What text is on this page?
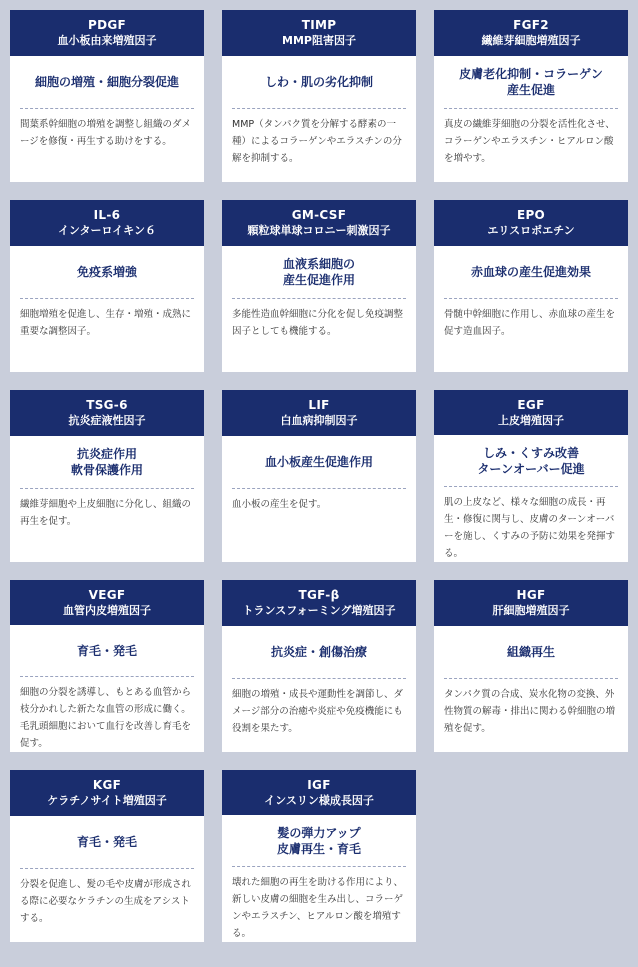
PDGF
血小板由来増殖因子
細胞の増殖・細胞分裂促進
間葉系幹細胞の増殖を調整し組織のダメージを修復・再生する助けをする。
TIMP
MMP阻害因子
しわ・肌の劣化抑制
MMP（タンパク質を分解する酵素の一種）によるコラーゲンやエラスチンの分解を抑制する。
FGF2
繊維芽細胞増殖因子
皮膚老化抑制・コラーゲン
産生促進
真皮の繊維芽細胞の分裂を活性化させ、コラーゲンやエラスチン・ヒアルロン酸を増やす。
IL-6
インターロイキン６
免疫系増強
細胞増殖を促進し、生存・増殖・成熟に重要な調整因子。
GM-CSF
顆粒球単球コロニー刺激因子
血液系細胞の
産生促進作用
多能性造血幹細胞に分化を促し免疫調整因子としても機能する。
EPO
エリスロポエチン
赤血球の産生促進効果
骨髄中幹細胞に作用し、赤血球の産生を促す造血因子。
TSG-6
抗炎症液性因子
抗炎症作用
軟骨保護作用
繊維芽細胞や上皮細胞に分化し、組織の再生を促す。
LIF
白血病抑制因子
血小板産生促進作用
血小板の産生を促す。
EGF
上皮増殖因子
しみ・くすみ改善
ターンオーバー促進
肌の上皮など、様々な細胞の成長・再生・修復に関与し、皮膚のターンオーバーを施し、くすみの予防に効果を発揮する。
VEGF
血管内皮増殖因子
育毛・発毛
細胞の分裂を誘導し、もとある血管から枝分かれした新たな血管の形成に働く。毛乳頭細胞において血行を改善し育毛を促す。
TGF-β
トランスフォーミング増殖因子
抗炎症・創傷治療
細胞の増殖・成長や運動性を調節し、ダメージ部分の治癒や炎症や免疫機能にも役割を果たす。
HGF
肝細胞増殖因子
組織再生
タンパク質の合成、炭水化物の変換、外性物質の解毒・排出に関わる幹細胞の増殖を促す。
KGF
ケラチノサイト増殖因子
育毛・発毛
分裂を促進し、髪の毛や皮膚が形成される際に必要なケラチンの生成をアシストする。
IGF
インスリン様成長因子
髪の弾力アップ
皮膚再生・育毛
壊れた細胞の再生を助ける作用により、新しい皮膚の細胞を生み出し、コラーゲンやエラスチン、ヒアルロン酸を増殖する。
